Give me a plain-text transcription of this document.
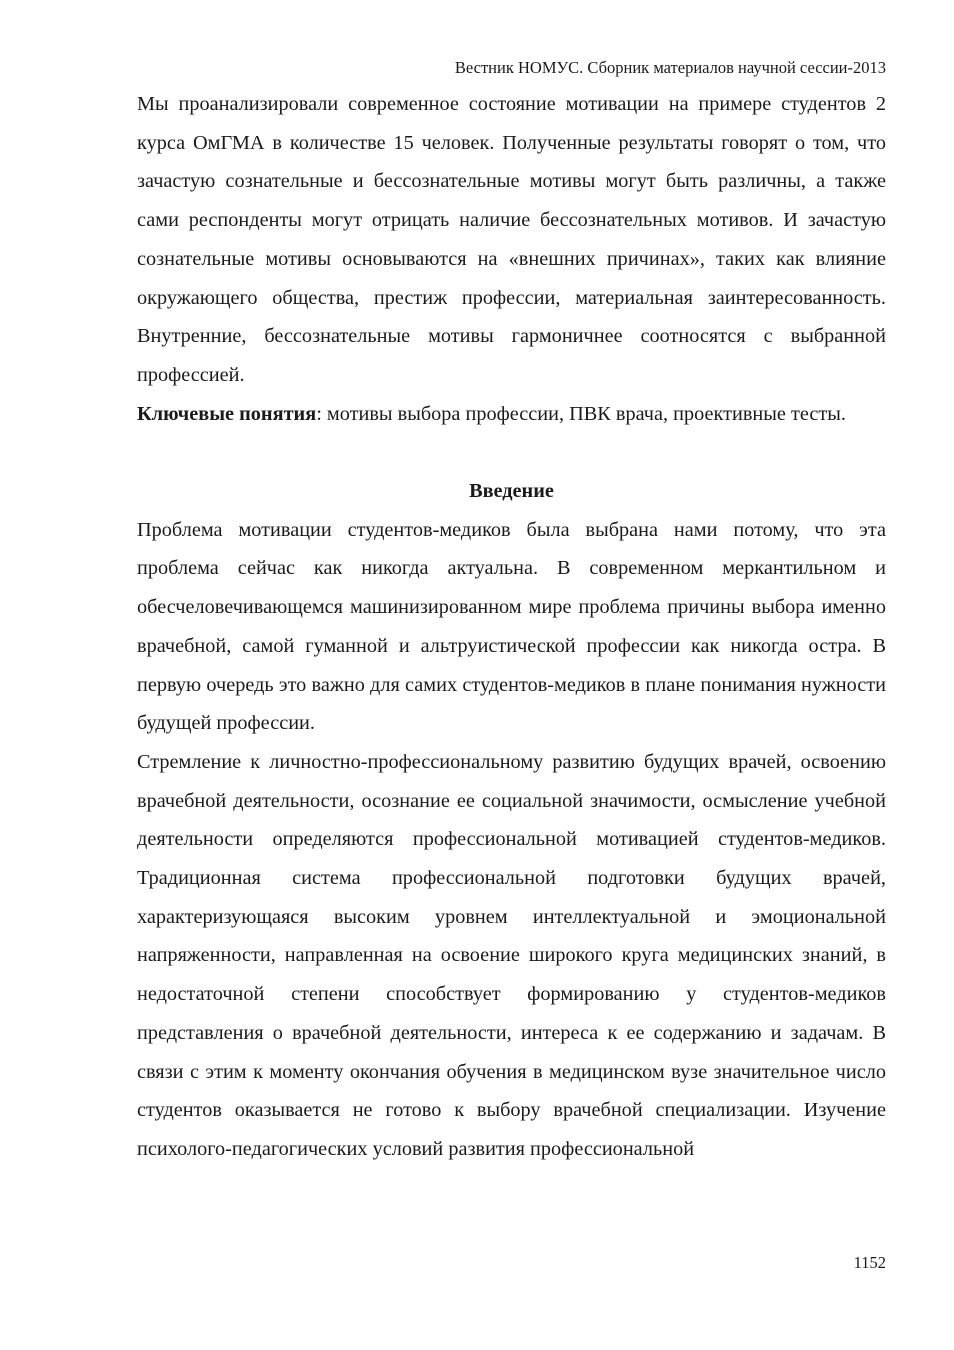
Вестник НОМУС. Сборник материалов научной сессии-2013

Мы проанализировали современное состояние мотивации на примере студентов 2 курса ОмГМА в количестве 15 человек. Полученные результаты говорят о том, что зачастую сознательные и бессознательные мотивы могут быть различны, а также сами респонденты могут отрицать наличие бессознательных мотивов. И зачастую сознательные мотивы основываются на «внешних причинах», таких как влияние окружающего общества, престиж профессии, материальная заинтересованность. Внутренние, бессознательные мотивы гармоничнее соотносятся с выбранной профессией.

Ключевые понятия: мотивы выбора профессии, ПВК врача, проективные тесты.

Введение

Проблема мотивации студентов-медиков была выбрана нами потому, что эта проблема сейчас как никогда актуальна. В современном меркантильном и обесчеловечивающемся машинизированном мире проблема причины выбора именно врачебной, самой гуманной и альтруистической профессии как никогда остра. В первую очередь это важно для самих студентов-медиков в плане понимания нужности будущей профессии.

Стремление к личностно-профессиональному развитию будущих врачей, освоению врачебной деятельности, осознание ее социальной значимости, осмысление учебной деятельности определяются профессиональной мотивацией студентов-медиков. Традиционная система профессиональной подготовки будущих врачей, характеризующаяся высоким уровнем интеллектуальной и эмоциональной напряженности, направленная на освоение широкого круга медицинских знаний, в недостаточной степени способствует формированию у студентов-медиков представления о врачебной деятельности, интереса к ее содержанию и задачам. В связи с этим к моменту окончания обучения в медицинском вузе значительное число студентов оказывается не готово к выбору врачебной специализации. Изучение психолого-педагогических условий развития профессиональной

1152
